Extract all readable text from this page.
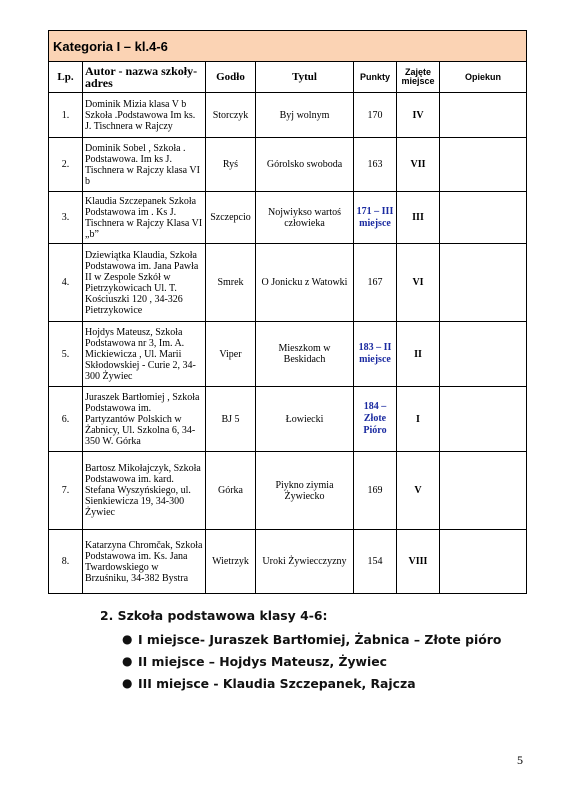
Kategoria I – kl.4-6						
Lp.	Autor - nazwa szkoły- adres	Godło	Tytul	Punkty	Zajęte miejsce	Opiekun
1.	Dominik Mizia klasa V b Szkoła .Podstawowa Im ks. J. Tischnera w Rajczy	Storczyk	Byj wolnym	170	IV	
2.	Dominik Sobel , Szkoła . Podstawowa. Im ks J. Tischnera w Rajczy klasa VI b	Ryś	Górolsko swoboda	163	VII	
3.	Klaudia Szczepanek Szkoła Podstawowa im . Ks J. Tischnera w Rajczy Klasa VI „b”	Szczepcio	Nojwiykso wartoś człowieka	171 – III miejsce	III	
4.	Dziewiątka Klaudia, Szkoła Podstawowa im. Jana Pawła II w Zespole Szkół w Pietrzykowicach Ul. T. Kościuszki 120 , 34-326 Pietrzykowice	Smrek	O Jonicku z Watowki	167	VI	
5.	Hojdys Mateusz, Szkoła Podstawowa nr 3, Im. A. Mickiewicza , Ul. Marii Skłodowskiej - Curie 2, 34-300 Żywiec	Viper	Mieszkom w Beskidach	183 – II miejsce	II	
6.	Juraszek Bartłomiej , Szkoła Podstawowa im. Partyzantów Polskich w Żabnicy, Ul. Szkolna 6, 34-350 W. Górka	BJ 5	Łowiecki	184 – Złote Pióro	I	
7.	Bartosz Mikołajczyk, Szkoła Podstawowa im. kard. Stefana Wyszyńskiego, ul. Sienkiewicza 19, 34-300 Żywiec	Górka	Piykno ziymia Żywiecko	169	V	
8.	Katarzyna Chromčak, Szkoła Podstawowa im. Ks. Jana Twardowskiego w Brzuśniku, 34-382 Bystra	Wietrzyk	Uroki Żywiecczyzny	154	VIII	
2. Szkoła podstawowa klasy 4-6:
● I miejsce- Juraszek Bartłomiej, Żabnica – Złote pióro
● II miejsce – Hojdys Mateusz, Żywiec
● III miejsce - Klaudia Szczepanek, Rajcza
5
